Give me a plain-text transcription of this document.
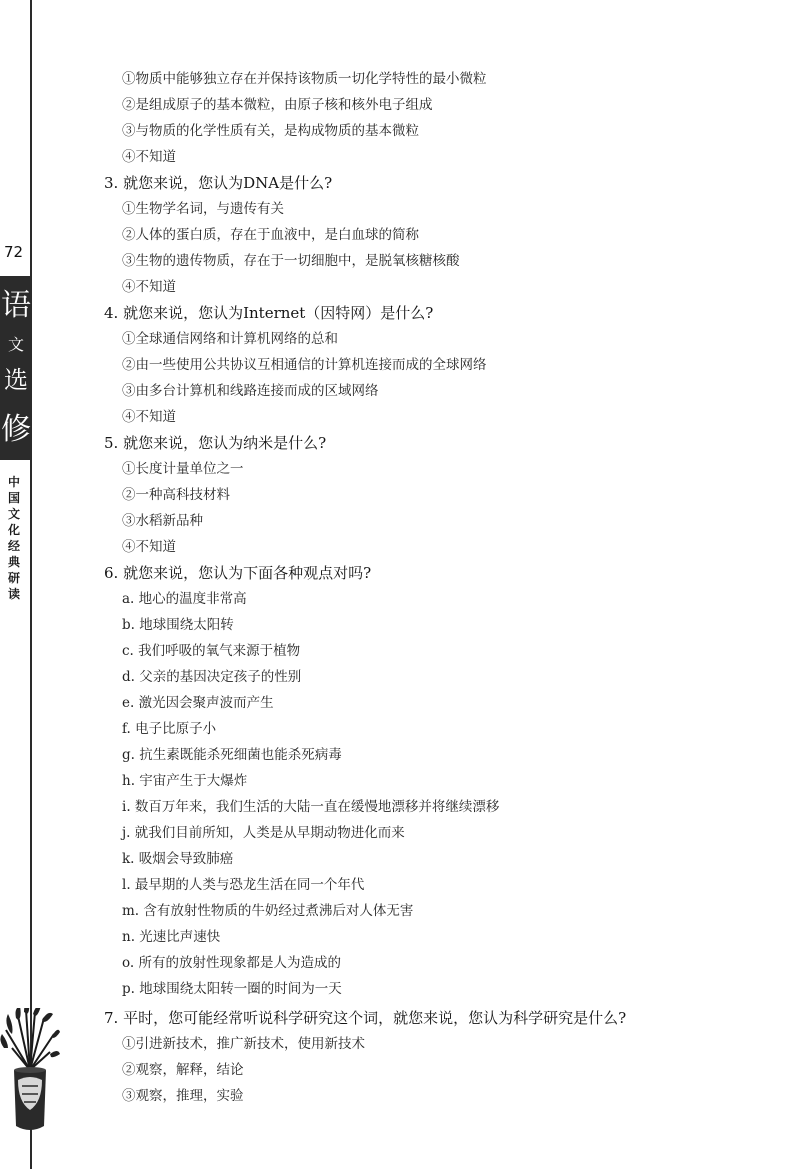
72
语
文
选
修
中国文化经典研读
①物质中能够独立存在并保持该物质一切化学特性的最小微粒
②是组成原子的基本微粒，由原子核和核外电子组成
③与物质的化学性质有关，是构成物质的基本微粒
④不知道
3. 就您来说，您认为DNA是什么?
①生物学名词，与遗传有关
②人体的蛋白质，存在于血液中，是白血球的简称
③生物的遗传物质，存在于一切细胞中，是脱氧核糖核酸
④不知道
4. 就您来说，您认为Internet（因特网）是什么?
①全球通信网络和计算机网络的总和
②由一些使用公共协议互相通信的计算机连接而成的全球网络
③由多台计算机和线路连接而成的区域网络
④不知道
5. 就您来说，您认为纳米是什么?
①长度计量单位之一
②一种高科技材料
③水稻新品种
④不知道
6. 就您来说，您认为下面各种观点对吗?
a. 地心的温度非常高
b. 地球围绕太阳转
c. 我们呼吸的氧气来源于植物
d. 父亲的基因决定孩子的性别
e. 激光因会聚声波而产生
f. 电子比原子小
g. 抗生素既能杀死细菌也能杀死病毒
h. 宇宙产生于大爆炸
i. 数百万年来，我们生活的大陆一直在缓慢地漂移并将继续漂移
j. 就我们目前所知，人类是从早期动物进化而来
k. 吸烟会导致肺癌
l. 最早期的人类与恐龙生活在同一个年代
m. 含有放射性物质的牛奶经过煮沸后对人体无害
n. 光速比声速快
o. 所有的放射性现象都是人为造成的
p. 地球围绕太阳转一圈的时间为一天
7. 平时，您可能经常听说科学研究这个词，就您来说，您认为科学研究是什么?
①引进新技术，推广新技术，使用新技术
②观察，解释，结论
③观察，推理，实验
